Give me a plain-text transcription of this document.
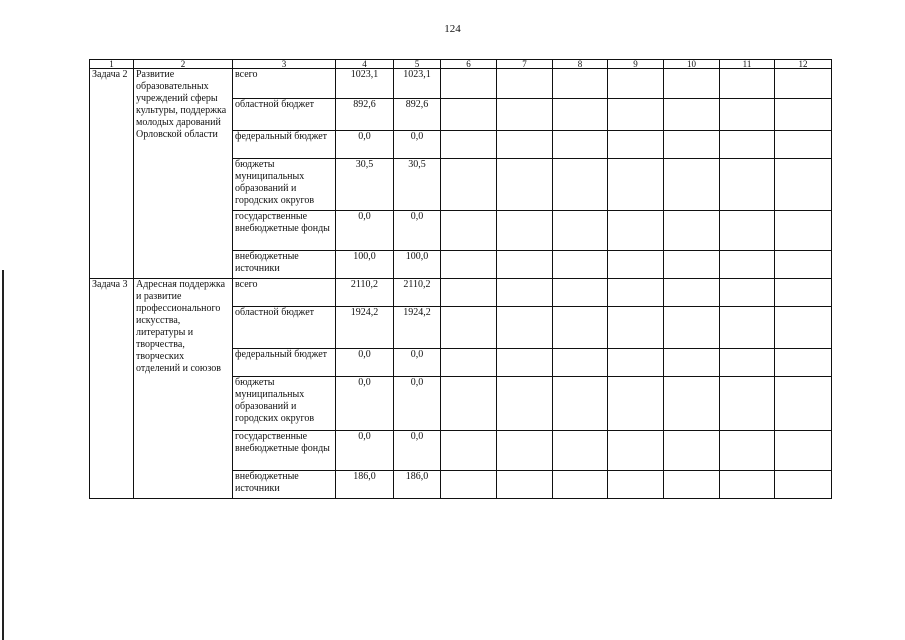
124
1	2	3	4	5	6	7	8	9	10	11	12
Задача 2	Развитие образовательных учреждений сферы культуры, поддержка молодых дарований Орловской области	всего	1023,1	1023,1							
		областной бюджет	892,6	892,6							
		федеральный бюджет	0,0	0,0							
		бюджеты муниципальных образований и городских округов	30,5	30,5							
		государственные внебюджетные фонды	0,0	0,0							
		внебюджетные источники	100,0	100,0							
Задача 3	Адресная поддержка и развитие профессионального искусства, литературы и творчества, творческих отделений и союзов	всего	2110,2	2110,2							
		областной бюджет	1924,2	1924,2							
		федеральный бюджет	0,0	0,0							
		бюджеты муниципальных образований и городских округов	0,0	0,0							
		государственные внебюджетные фонды	0,0	0,0							
		внебюджетные источники	186,0	186,0							
